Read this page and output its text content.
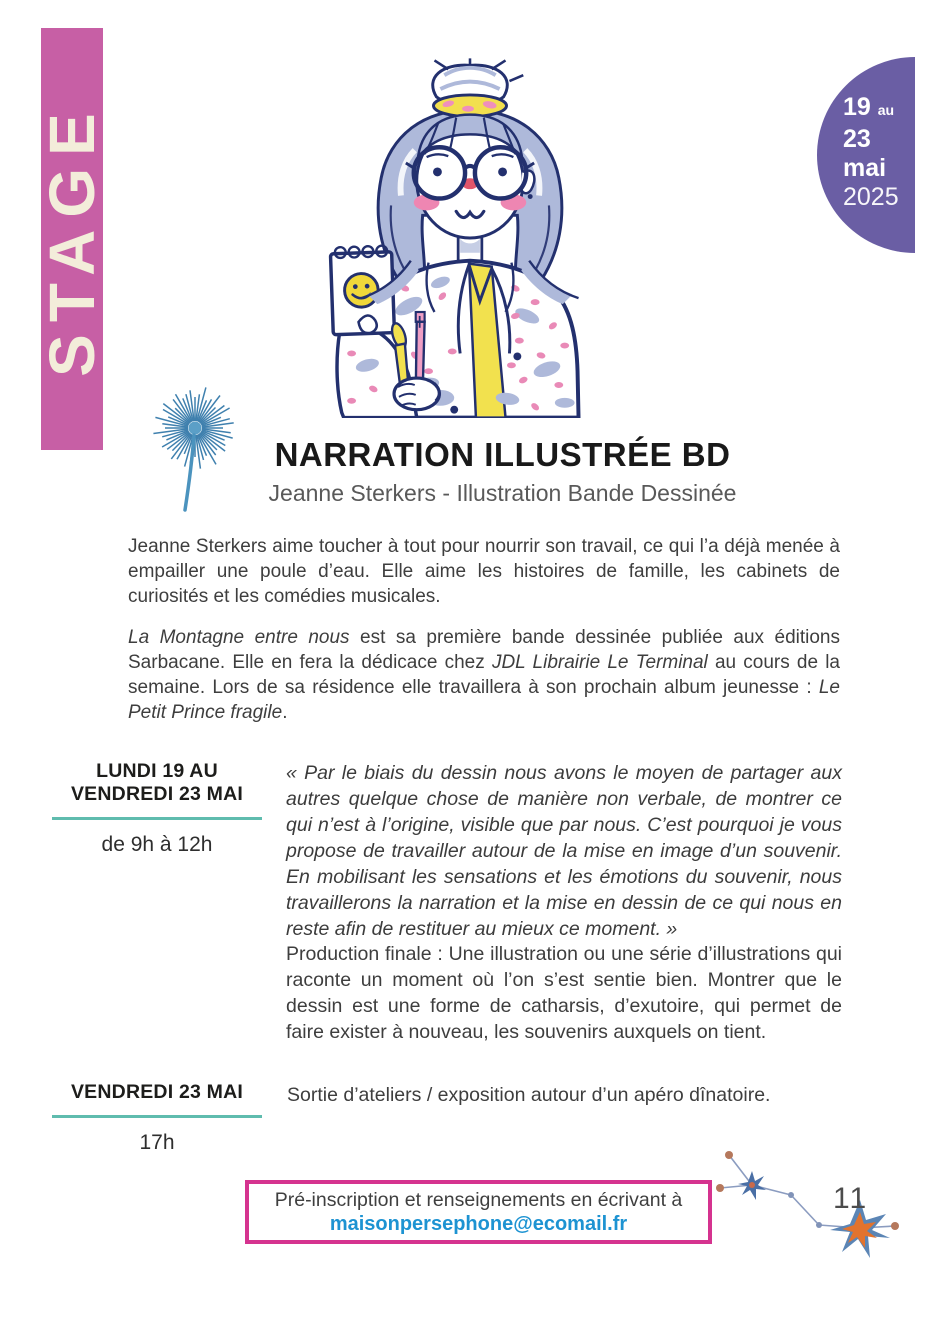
STAGE	19 au
23
mai
2025
NARRATION ILLUSTRÉE BD
Jeanne Sterkers - Illustration Bande Dessinée

Jeanne Sterkers aime toucher à tout pour nourrir son travail, ce qui l’a déjà menée à empailler une poule d’eau. Elle aime les histoires de famille, les cabinets de curiosités et les comédies musicales.

La Montagne entre nous est sa première bande dessinée publiée aux éditions Sarbacane. Elle en fera la dédicace chez JDL Librairie Le Terminal au cours de la semaine. Lors de sa résidence elle travaillera à son prochain album jeunesse : Le Petit Prince fragile.

LUNDI 19 AU
VENDREDI 23 MAI
de 9h à 12h
« Par le biais du dessin nous avons le moyen de partager aux autres quelque chose de manière non verbale, de montrer ce qui n’est à l’origine, visible que par nous. C’est pourquoi je vous propose de travailler autour de la mise en image d’un souvenir. En mobilisant les sensations et les émotions du souvenir, nous travaillerons la narration et la mise en dessin de ce qui nous en reste afin de restituer au mieux ce moment. »
Production finale : Une illustration ou une série d’illustrations qui raconte un moment où l’on s’est sentie bien. Montrer que le dessin est une forme de catharsis, d’exutoire, qui permet de faire exister à nouveau, les souvenirs auxquels on tient.
VENDREDI 23 MAI
17h
Sortie d’ateliers / exposition autour d’un apéro dînatoire.
Pré-inscription et renseignements en écrivant à
maisonpersephone@ecomail.fr
11
